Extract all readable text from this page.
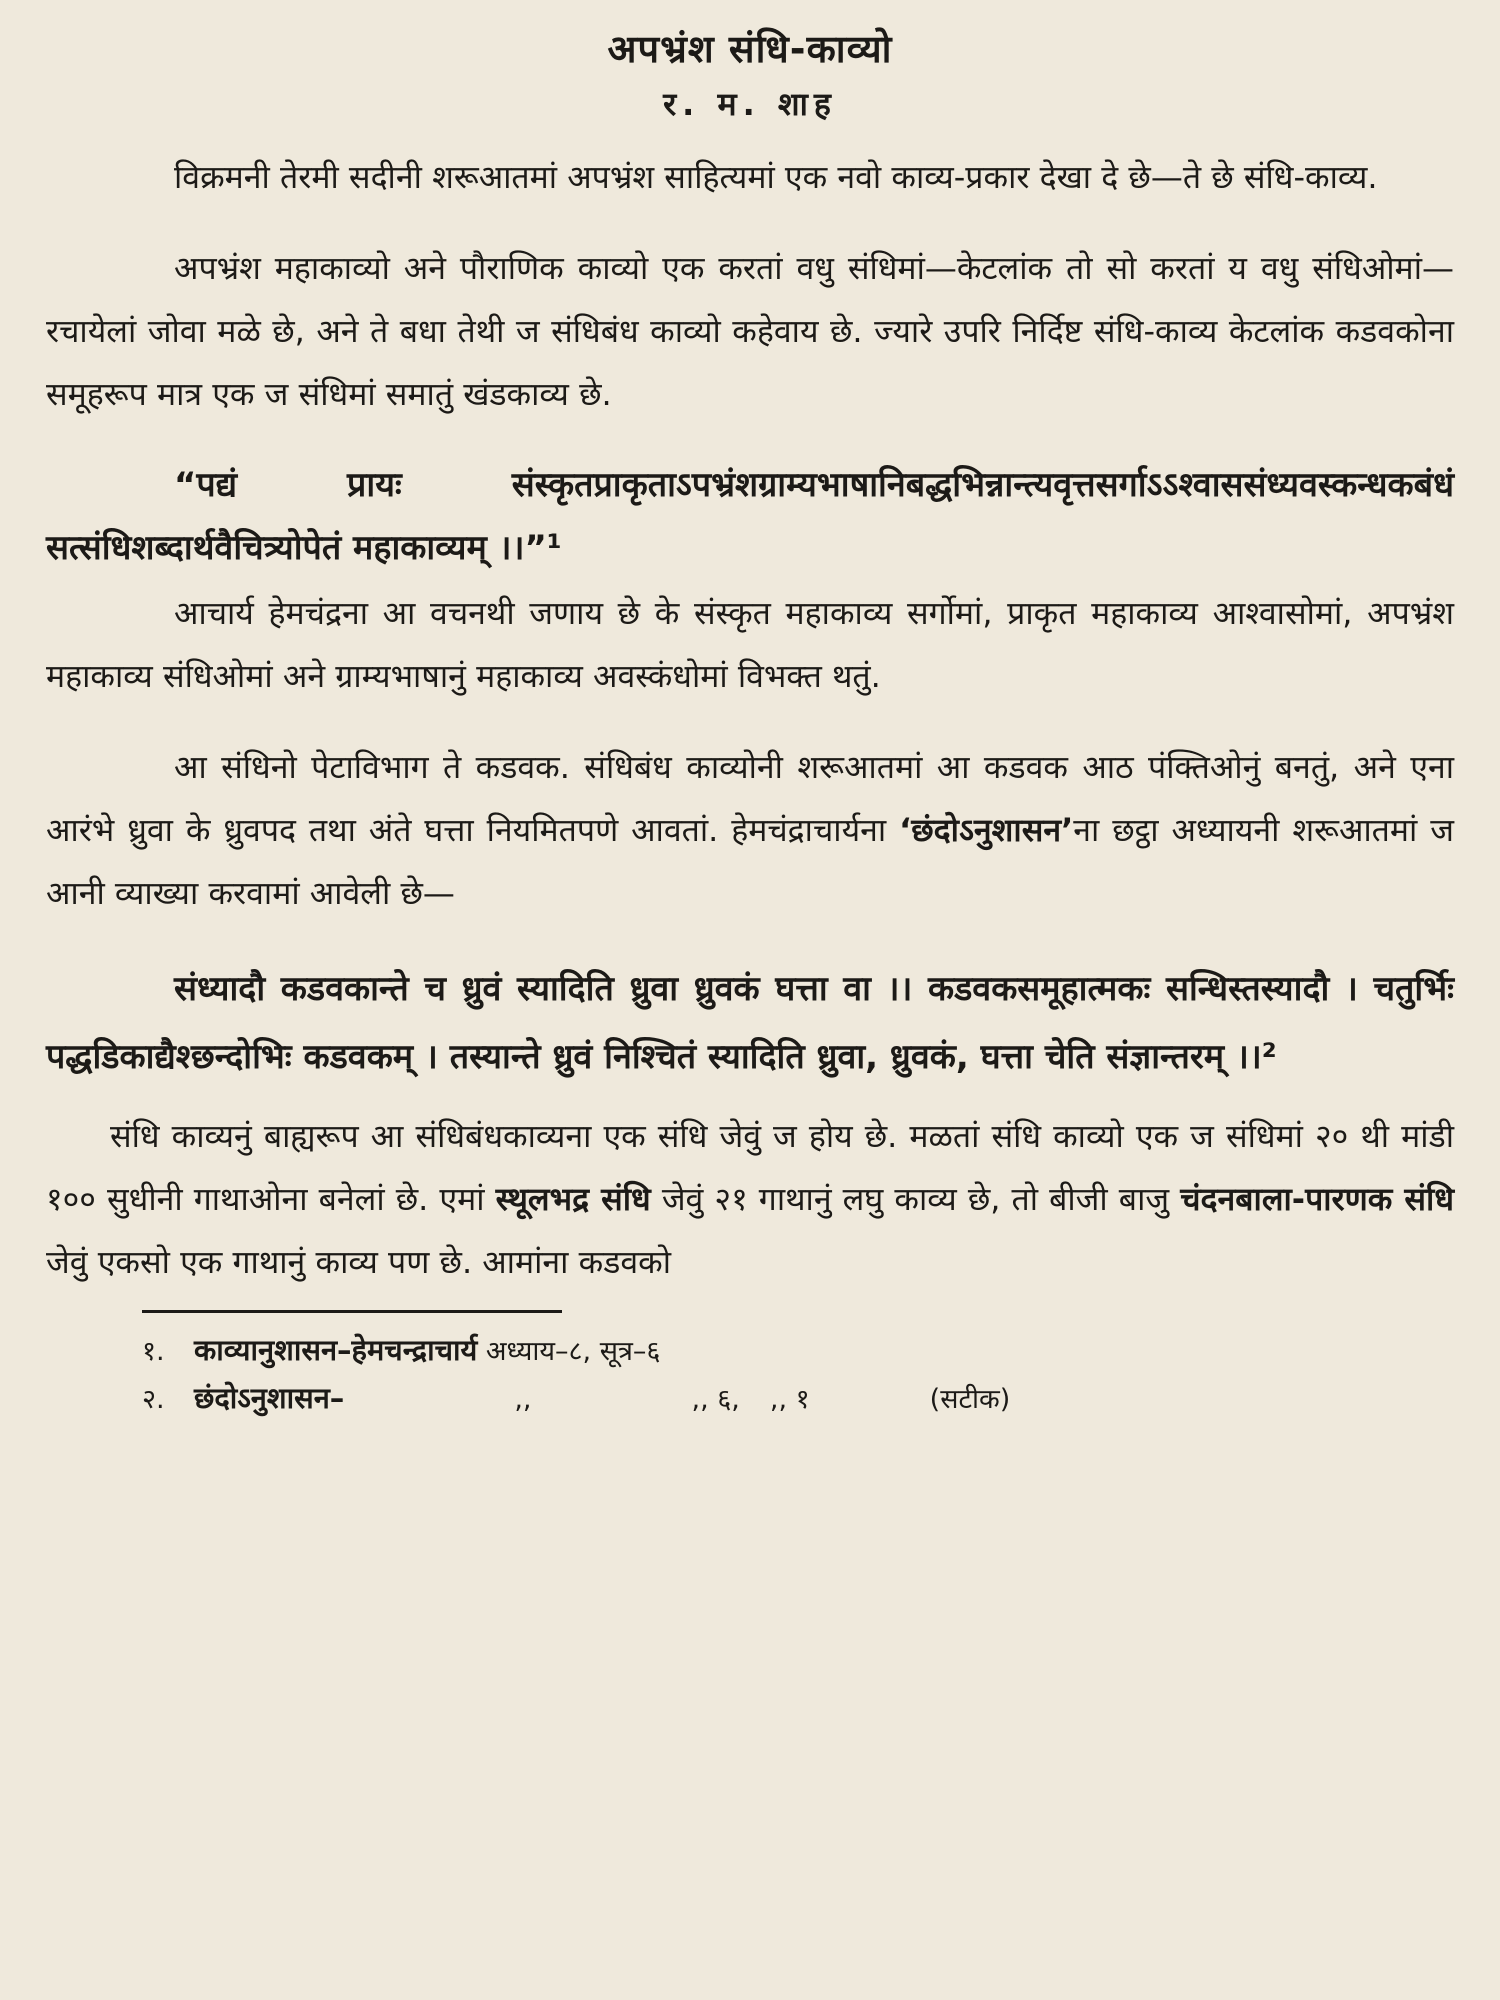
अपभ्रंश संधि-काव्यो
र. म. शाह

विक्रमनी तेरमी सदीनी शरूआतमां अपभ्रंश साहित्यमां एक नवो काव्य-प्रकार देखा दे छे—ते छे संधि-काव्य.

अपभ्रंश महाकाव्यो अने पौराणिक काव्यो एक करतां वधु संधिमां—केटलांक तो सो करतां य वधु संधिओमां—रचायेलां जोवा मळे छे, अने ते बधा तेथी ज संधिबंध काव्यो कहेवाय छे. ज्यारे उपरि निर्दिष्ट संधि-काव्य केटलांक कडवकोना समूहरूप मात्र एक ज संधिमां समातुं खंडकाव्य छे.

“पद्यं प्रायः संस्कृतप्राकृताऽपभ्रंशग्राम्यभाषानिबद्धभिन्नान्त्यवृत्तसर्गाऽऽश्वाससंध्यवस्कन्धकबंधं सत्संधिशब्दार्थवैचित्र्योपेतं महाकाव्यम् ।।”¹

आचार्य हेमचंद्रना आ वचनथी जणाय छे के संस्कृत महाकाव्य सर्गोमां, प्राकृत महाकाव्य आश्वासोमां, अपभ्रंश महाकाव्य संधिओमां अने ग्राम्यभाषानुं महाकाव्य अवस्कंधोमां विभक्त थतुं.

आ संधिनो पेटाविभाग ते कडवक. संधिबंध काव्योनी शरूआतमां आ कडवक आठ पंक्तिओनुं बनतुं, अने एना आरंभे ध्रुवा के ध्रुवपद तथा अंते घत्ता नियमितपणे आवतां. हेमचंद्राचार्यना ‘छंदोऽनुशासन’ना छट्ठा अध्यायनी शरूआतमां ज आनी व्याख्या करवामां आवेली छे—

संध्यादौ कडवकान्ते च ध्रुवं स्यादिति ध्रुवा ध्रुवकं घत्ता वा ।। कडवकसमूहात्मकः सन्धिस्तस्यादौ । चतुर्भिः पद्धडिकाद्यैश्छन्दोभिः कडवकम् । तस्यान्ते ध्रुवं निश्चितं स्यादिति ध्रुवा, ध्रुवकं, घत्ता चेति संज्ञान्तरम् ।।²

संधि काव्यनुं बाह्यरूप आ संधिबंधकाव्यना एक संधि जेवुं ज होय छे. मळतां संधि काव्यो एक ज संधिमां २० थी मांडी १०० सुधीनी गाथाओना बनेलां छे. एमां स्थूलभद्र संधि जेवुं २१ गाथानुं लघु काव्य छे, तो बीजी बाजु चंदनबाला-पारणक संधि जेवुं एकसो एक गाथानुं काव्य पण छे. आमांना कडवको

१. काव्यानुशासन–हेमचन्द्राचार्य अध्याय–८, सूत्र–६
२. छंदोऽनुशासन–	,,	,, ६, ,, १	(सटीक)
